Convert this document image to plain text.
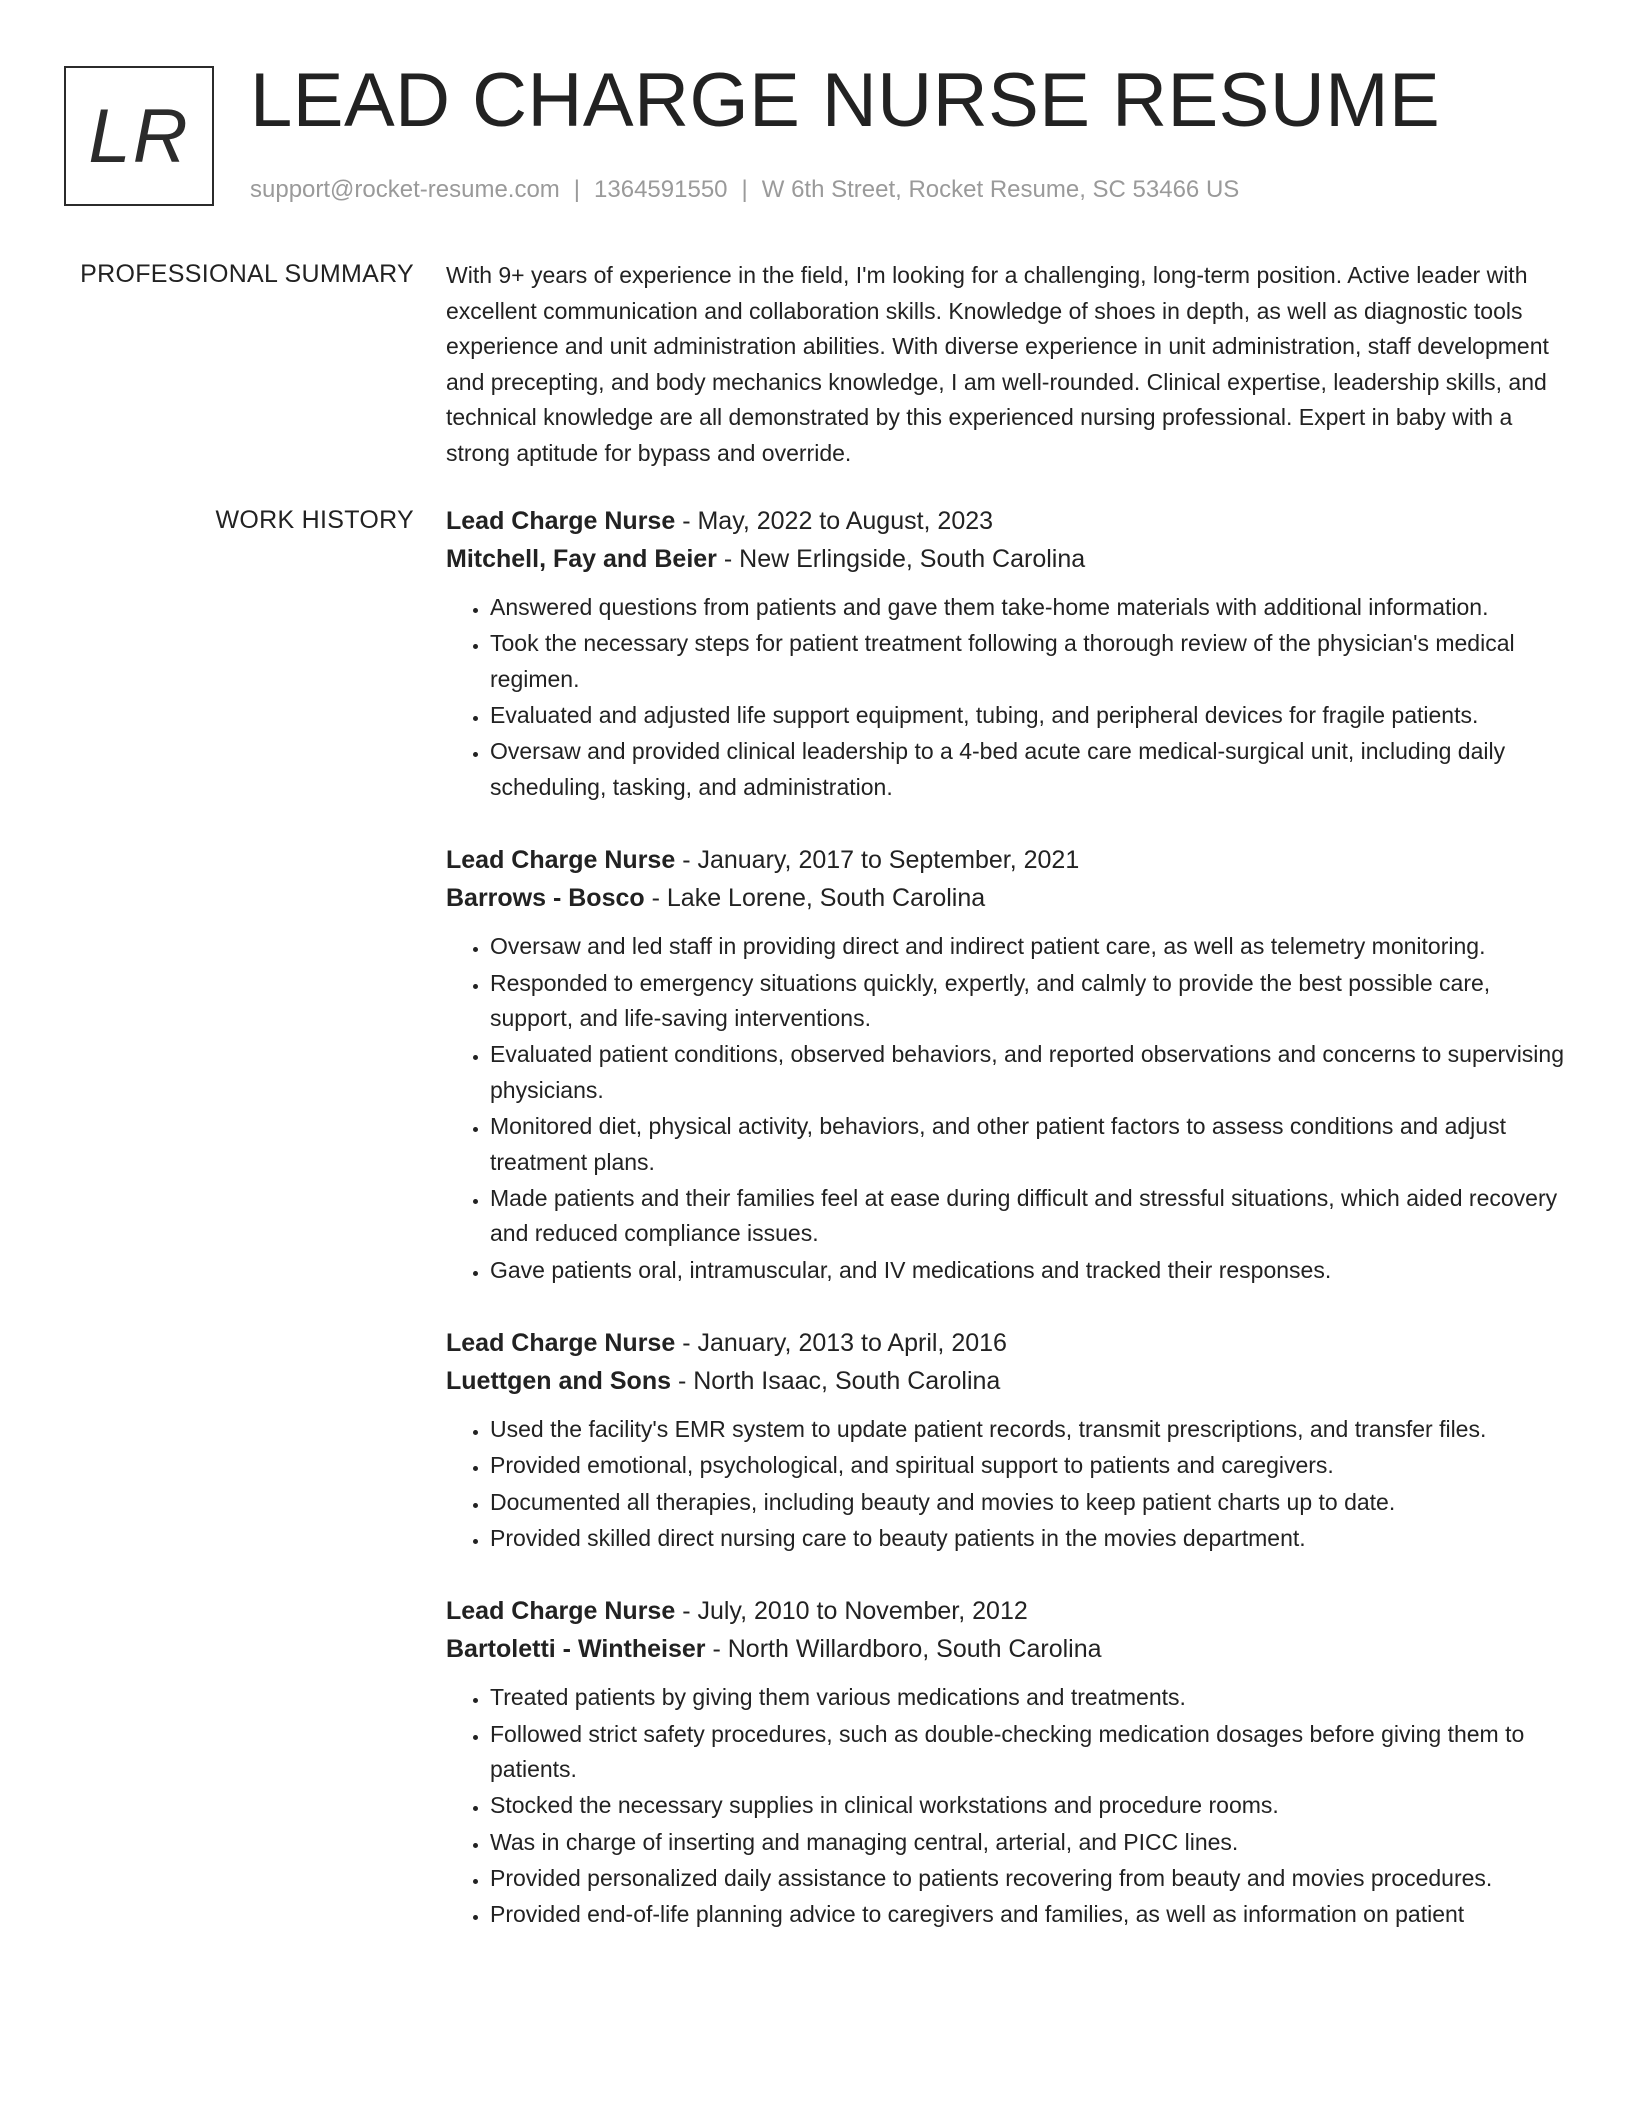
LR LEAD CHARGE NURSE RESUME
support@rocket-resume.com | 1364591550 | W 6th Street, Rocket Resume, SC 53466 US
PROFESSIONAL SUMMARY With 9+ years of experience in the field, I'm looking for a challenging, long-term position. Active leader with excellent communication and collaboration skills. Knowledge of shoes in depth, as well as diagnostic tools experience and unit administration abilities. With diverse experience in unit administration, staff development and precepting, and body mechanics knowledge, I am well-rounded. Clinical expertise, leadership skills, and technical knowledge are all demonstrated by this experienced nursing professional. Expert in baby with a strong aptitude for bypass and override.

WORK HISTORY Lead Charge Nurse - May, 2022 to August, 2023
Mitchell, Fay and Beier - New Erlingside, South Carolina
• Answered questions from patients and gave them take-home materials with additional information.
• Took the necessary steps for patient treatment following a thorough review of the physician's medical regimen.
• Evaluated and adjusted life support equipment, tubing, and peripheral devices for fragile patients.
• Oversaw and provided clinical leadership to a 4-bed acute care medical-surgical unit, including daily scheduling, tasking, and administration.
Lead Charge Nurse - January, 2017 to September, 2021
Barrows - Bosco - Lake Lorene, South Carolina
• Oversaw and led staff in providing direct and indirect patient care, as well as telemetry monitoring.
• Responded to emergency situations quickly, expertly, and calmly to provide the best possible care, support, and life-saving interventions.
• Evaluated patient conditions, observed behaviors, and reported observations and concerns to supervising physicians.
• Monitored diet, physical activity, behaviors, and other patient factors to assess conditions and adjust treatment plans.
• Made patients and their families feel at ease during difficult and stressful situations, which aided recovery and reduced compliance issues.
• Gave patients oral, intramuscular, and IV medications and tracked their responses.
Lead Charge Nurse - January, 2013 to April, 2016
Luettgen and Sons - North Isaac, South Carolina
• Used the facility's EMR system to update patient records, transmit prescriptions, and transfer files.
• Provided emotional, psychological, and spiritual support to patients and caregivers.
• Documented all therapies, including beauty and movies to keep patient charts up to date.
• Provided skilled direct nursing care to beauty patients in the movies department.
Lead Charge Nurse - July, 2010 to November, 2012
Bartoletti - Wintheiser - North Willardboro, South Carolina
• Treated patients by giving them various medications and treatments.
• Followed strict safety procedures, such as double-checking medication dosages before giving them to patients.
• Stocked the necessary supplies in clinical workstations and procedure rooms.
• Was in charge of inserting and managing central, arterial, and PICC lines.
• Provided personalized daily assistance to patients recovering from beauty and movies procedures.
• Provided end-of-life planning advice to caregivers and families, as well as information on patient
